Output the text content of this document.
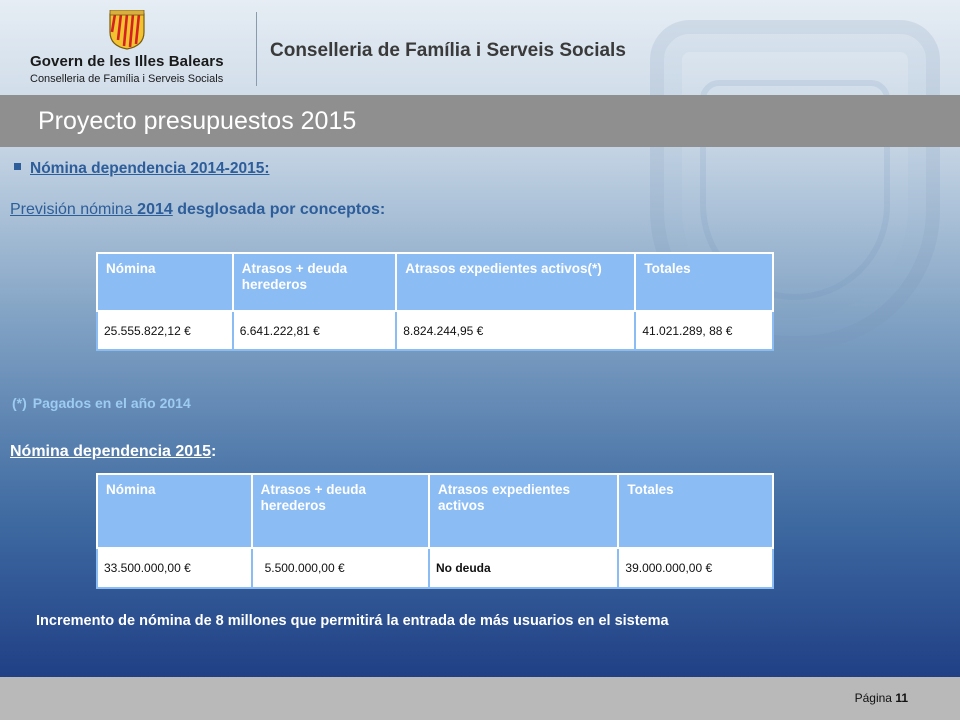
Govern de les Illes Balears
Conselleria de Família i Serveis Socials
Conselleria de Família i Serveis Socials
Proyecto presupuestos 2015
Nómina dependencia 2014-2015:
Previsión nómina 2014 desglosada por conceptos:
Nómina	Atrasos + deuda herederos	Atrasos expedientes activos(*)	Totales
25.555.822,12 €	6.641.222,81 €	8.824.244,95 €	41.021.289, 88 €
(*) Pagados en el año 2014
Nómina dependencia 2015:
Nómina	Atrasos + deuda herederos	Atrasos expedientes activos	Totales
33.500.000,00 €	5.500.000,00 €	No deuda	39.000.000,00 €
Incremento de nómina de 8 millones que permitirá la entrada de más usuarios en el sistema
Página 11
